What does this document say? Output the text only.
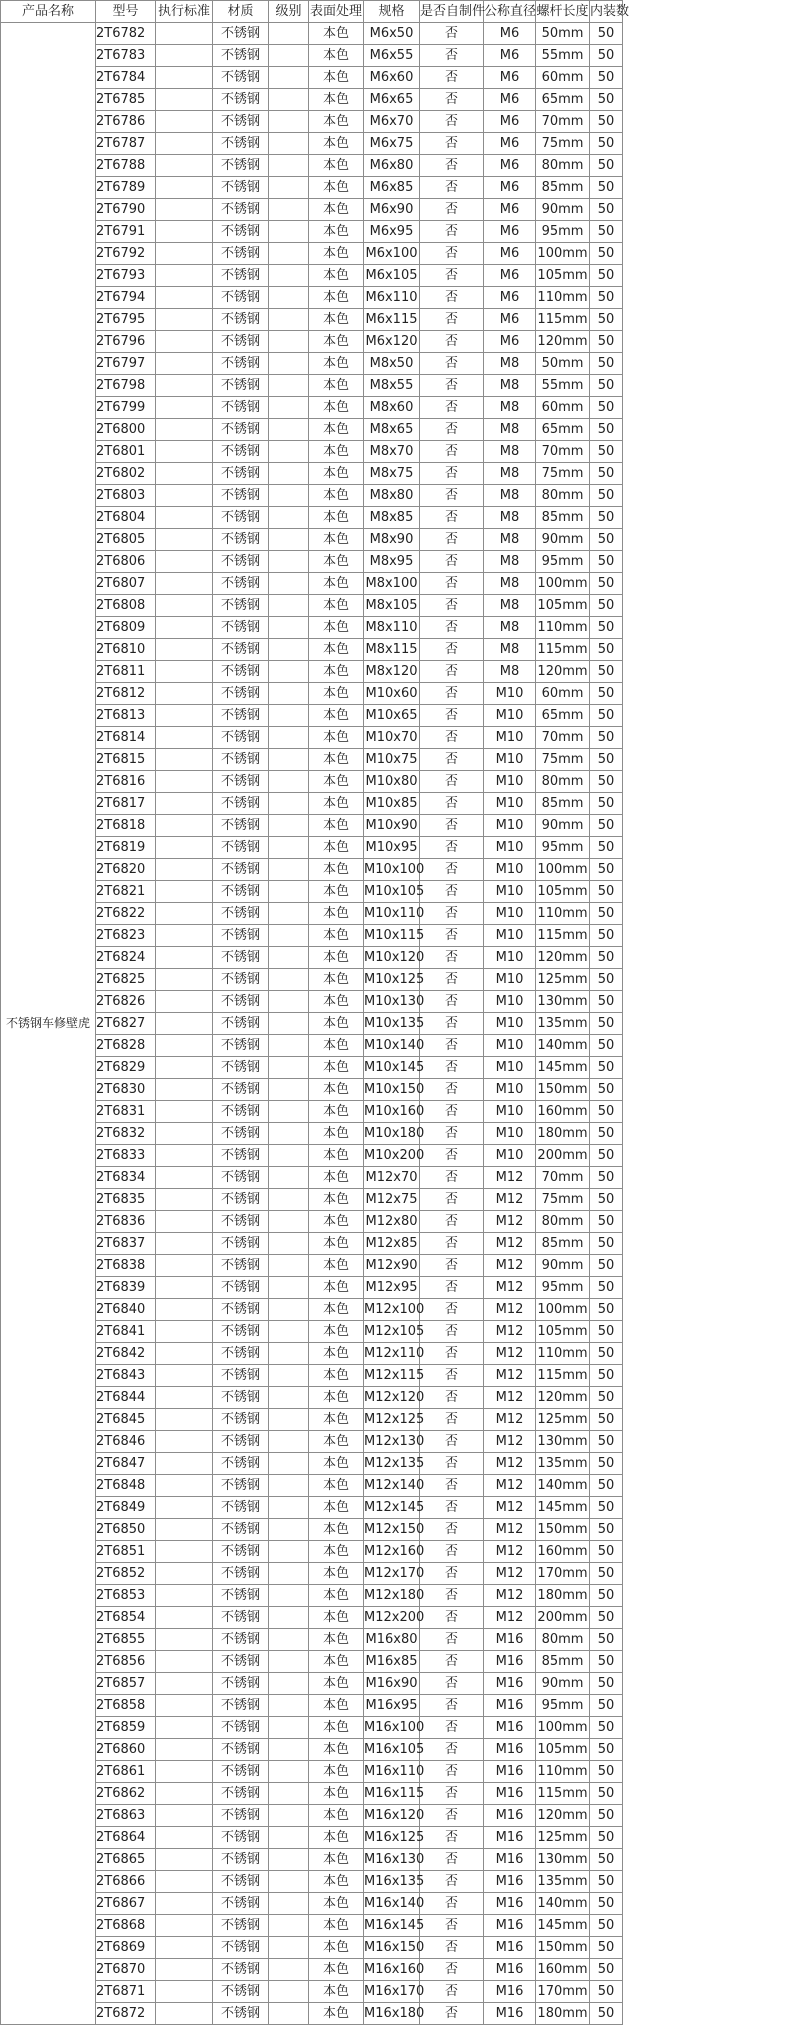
产品名称	型号	执行标准	材质	级别	表面处理	规格	是否自制件	公称直径	螺杆长度	内装数
不锈钢车修壁虎	2T6782		不锈钢		本色	M6x50	否	M6	50mm	50
	2T6783		不锈钢		本色	M6x55	否	M6	55mm	50
	2T6784		不锈钢		本色	M6x60	否	M6	60mm	50
	2T6785		不锈钢		本色	M6x65	否	M6	65mm	50
	2T6786		不锈钢		本色	M6x70	否	M6	70mm	50
	2T6787		不锈钢		本色	M6x75	否	M6	75mm	50
	2T6788		不锈钢		本色	M6x80	否	M6	80mm	50
	2T6789		不锈钢		本色	M6x85	否	M6	85mm	50
	2T6790		不锈钢		本色	M6x90	否	M6	90mm	50
	2T6791		不锈钢		本色	M6x95	否	M6	95mm	50
	2T6792		不锈钢		本色	M6x100	否	M6	100mm	50
	2T6793		不锈钢		本色	M6x105	否	M6	105mm	50
	2T6794		不锈钢		本色	M6x110	否	M6	110mm	50
	2T6795		不锈钢		本色	M6x115	否	M6	115mm	50
	2T6796		不锈钢		本色	M6x120	否	M6	120mm	50
	2T6797		不锈钢		本色	M8x50	否	M8	50mm	50
	2T6798		不锈钢		本色	M8x55	否	M8	55mm	50
	2T6799		不锈钢		本色	M8x60	否	M8	60mm	50
	2T6800		不锈钢		本色	M8x65	否	M8	65mm	50
	2T6801		不锈钢		本色	M8x70	否	M8	70mm	50
	2T6802		不锈钢		本色	M8x75	否	M8	75mm	50
	2T6803		不锈钢		本色	M8x80	否	M8	80mm	50
	2T6804		不锈钢		本色	M8x85	否	M8	85mm	50
	2T6805		不锈钢		本色	M8x90	否	M8	90mm	50
	2T6806		不锈钢		本色	M8x95	否	M8	95mm	50
	2T6807		不锈钢		本色	M8x100	否	M8	100mm	50
	2T6808		不锈钢		本色	M8x105	否	M8	105mm	50
	2T6809		不锈钢		本色	M8x110	否	M8	110mm	50
	2T6810		不锈钢		本色	M8x115	否	M8	115mm	50
	2T6811		不锈钢		本色	M8x120	否	M8	120mm	50
	2T6812		不锈钢		本色	M10x60	否	M10	60mm	50
	2T6813		不锈钢		本色	M10x65	否	M10	65mm	50
	2T6814		不锈钢		本色	M10x70	否	M10	70mm	50
	2T6815		不锈钢		本色	M10x75	否	M10	75mm	50
	2T6816		不锈钢		本色	M10x80	否	M10	80mm	50
	2T6817		不锈钢		本色	M10x85	否	M10	85mm	50
	2T6818		不锈钢		本色	M10x90	否	M10	90mm	50
	2T6819		不锈钢		本色	M10x95	否	M10	95mm	50
	2T6820		不锈钢		本色	M10x100	否	M10	100mm	50
	2T6821		不锈钢		本色	M10x105	否	M10	105mm	50
	2T6822		不锈钢		本色	M10x110	否	M10	110mm	50
	2T6823		不锈钢		本色	M10x115	否	M10	115mm	50
	2T6824		不锈钢		本色	M10x120	否	M10	120mm	50
	2T6825		不锈钢		本色	M10x125	否	M10	125mm	50
	2T6826		不锈钢		本色	M10x130	否	M10	130mm	50
	2T6827		不锈钢		本色	M10x135	否	M10	135mm	50
	2T6828		不锈钢		本色	M10x140	否	M10	140mm	50
	2T6829		不锈钢		本色	M10x145	否	M10	145mm	50
	2T6830		不锈钢		本色	M10x150	否	M10	150mm	50
	2T6831		不锈钢		本色	M10x160	否	M10	160mm	50
	2T6832		不锈钢		本色	M10x180	否	M10	180mm	50
	2T6833		不锈钢		本色	M10x200	否	M10	200mm	50
	2T6834		不锈钢		本色	M12x70	否	M12	70mm	50
	2T6835		不锈钢		本色	M12x75	否	M12	75mm	50
	2T6836		不锈钢		本色	M12x80	否	M12	80mm	50
	2T6837		不锈钢		本色	M12x85	否	M12	85mm	50
	2T6838		不锈钢		本色	M12x90	否	M12	90mm	50
	2T6839		不锈钢		本色	M12x95	否	M12	95mm	50
	2T6840		不锈钢		本色	M12x100	否	M12	100mm	50
	2T6841		不锈钢		本色	M12x105	否	M12	105mm	50
	2T6842		不锈钢		本色	M12x110	否	M12	110mm	50
	2T6843		不锈钢		本色	M12x115	否	M12	115mm	50
	2T6844		不锈钢		本色	M12x120	否	M12	120mm	50
	2T6845		不锈钢		本色	M12x125	否	M12	125mm	50
	2T6846		不锈钢		本色	M12x130	否	M12	130mm	50
	2T6847		不锈钢		本色	M12x135	否	M12	135mm	50
	2T6848		不锈钢		本色	M12x140	否	M12	140mm	50
	2T6849		不锈钢		本色	M12x145	否	M12	145mm	50
	2T6850		不锈钢		本色	M12x150	否	M12	150mm	50
	2T6851		不锈钢		本色	M12x160	否	M12	160mm	50
	2T6852		不锈钢		本色	M12x170	否	M12	170mm	50
	2T6853		不锈钢		本色	M12x180	否	M12	180mm	50
	2T6854		不锈钢		本色	M12x200	否	M12	200mm	50
	2T6855		不锈钢		本色	M16x80	否	M16	80mm	50
	2T6856		不锈钢		本色	M16x85	否	M16	85mm	50
	2T6857		不锈钢		本色	M16x90	否	M16	90mm	50
	2T6858		不锈钢		本色	M16x95	否	M16	95mm	50
	2T6859		不锈钢		本色	M16x100	否	M16	100mm	50
	2T6860		不锈钢		本色	M16x105	否	M16	105mm	50
	2T6861		不锈钢		本色	M16x110	否	M16	110mm	50
	2T6862		不锈钢		本色	M16x115	否	M16	115mm	50
	2T6863		不锈钢		本色	M16x120	否	M16	120mm	50
	2T6864		不锈钢		本色	M16x125	否	M16	125mm	50
	2T6865		不锈钢		本色	M16x130	否	M16	130mm	50
	2T6866		不锈钢		本色	M16x135	否	M16	135mm	50
	2T6867		不锈钢		本色	M16x140	否	M16	140mm	50
	2T6868		不锈钢		本色	M16x145	否	M16	145mm	50
	2T6869		不锈钢		本色	M16x150	否	M16	150mm	50
	2T6870		不锈钢		本色	M16x160	否	M16	160mm	50
	2T6871		不锈钢		本色	M16x170	否	M16	170mm	50
	2T6872		不锈钢		本色	M16x180	否	M16	180mm	50
